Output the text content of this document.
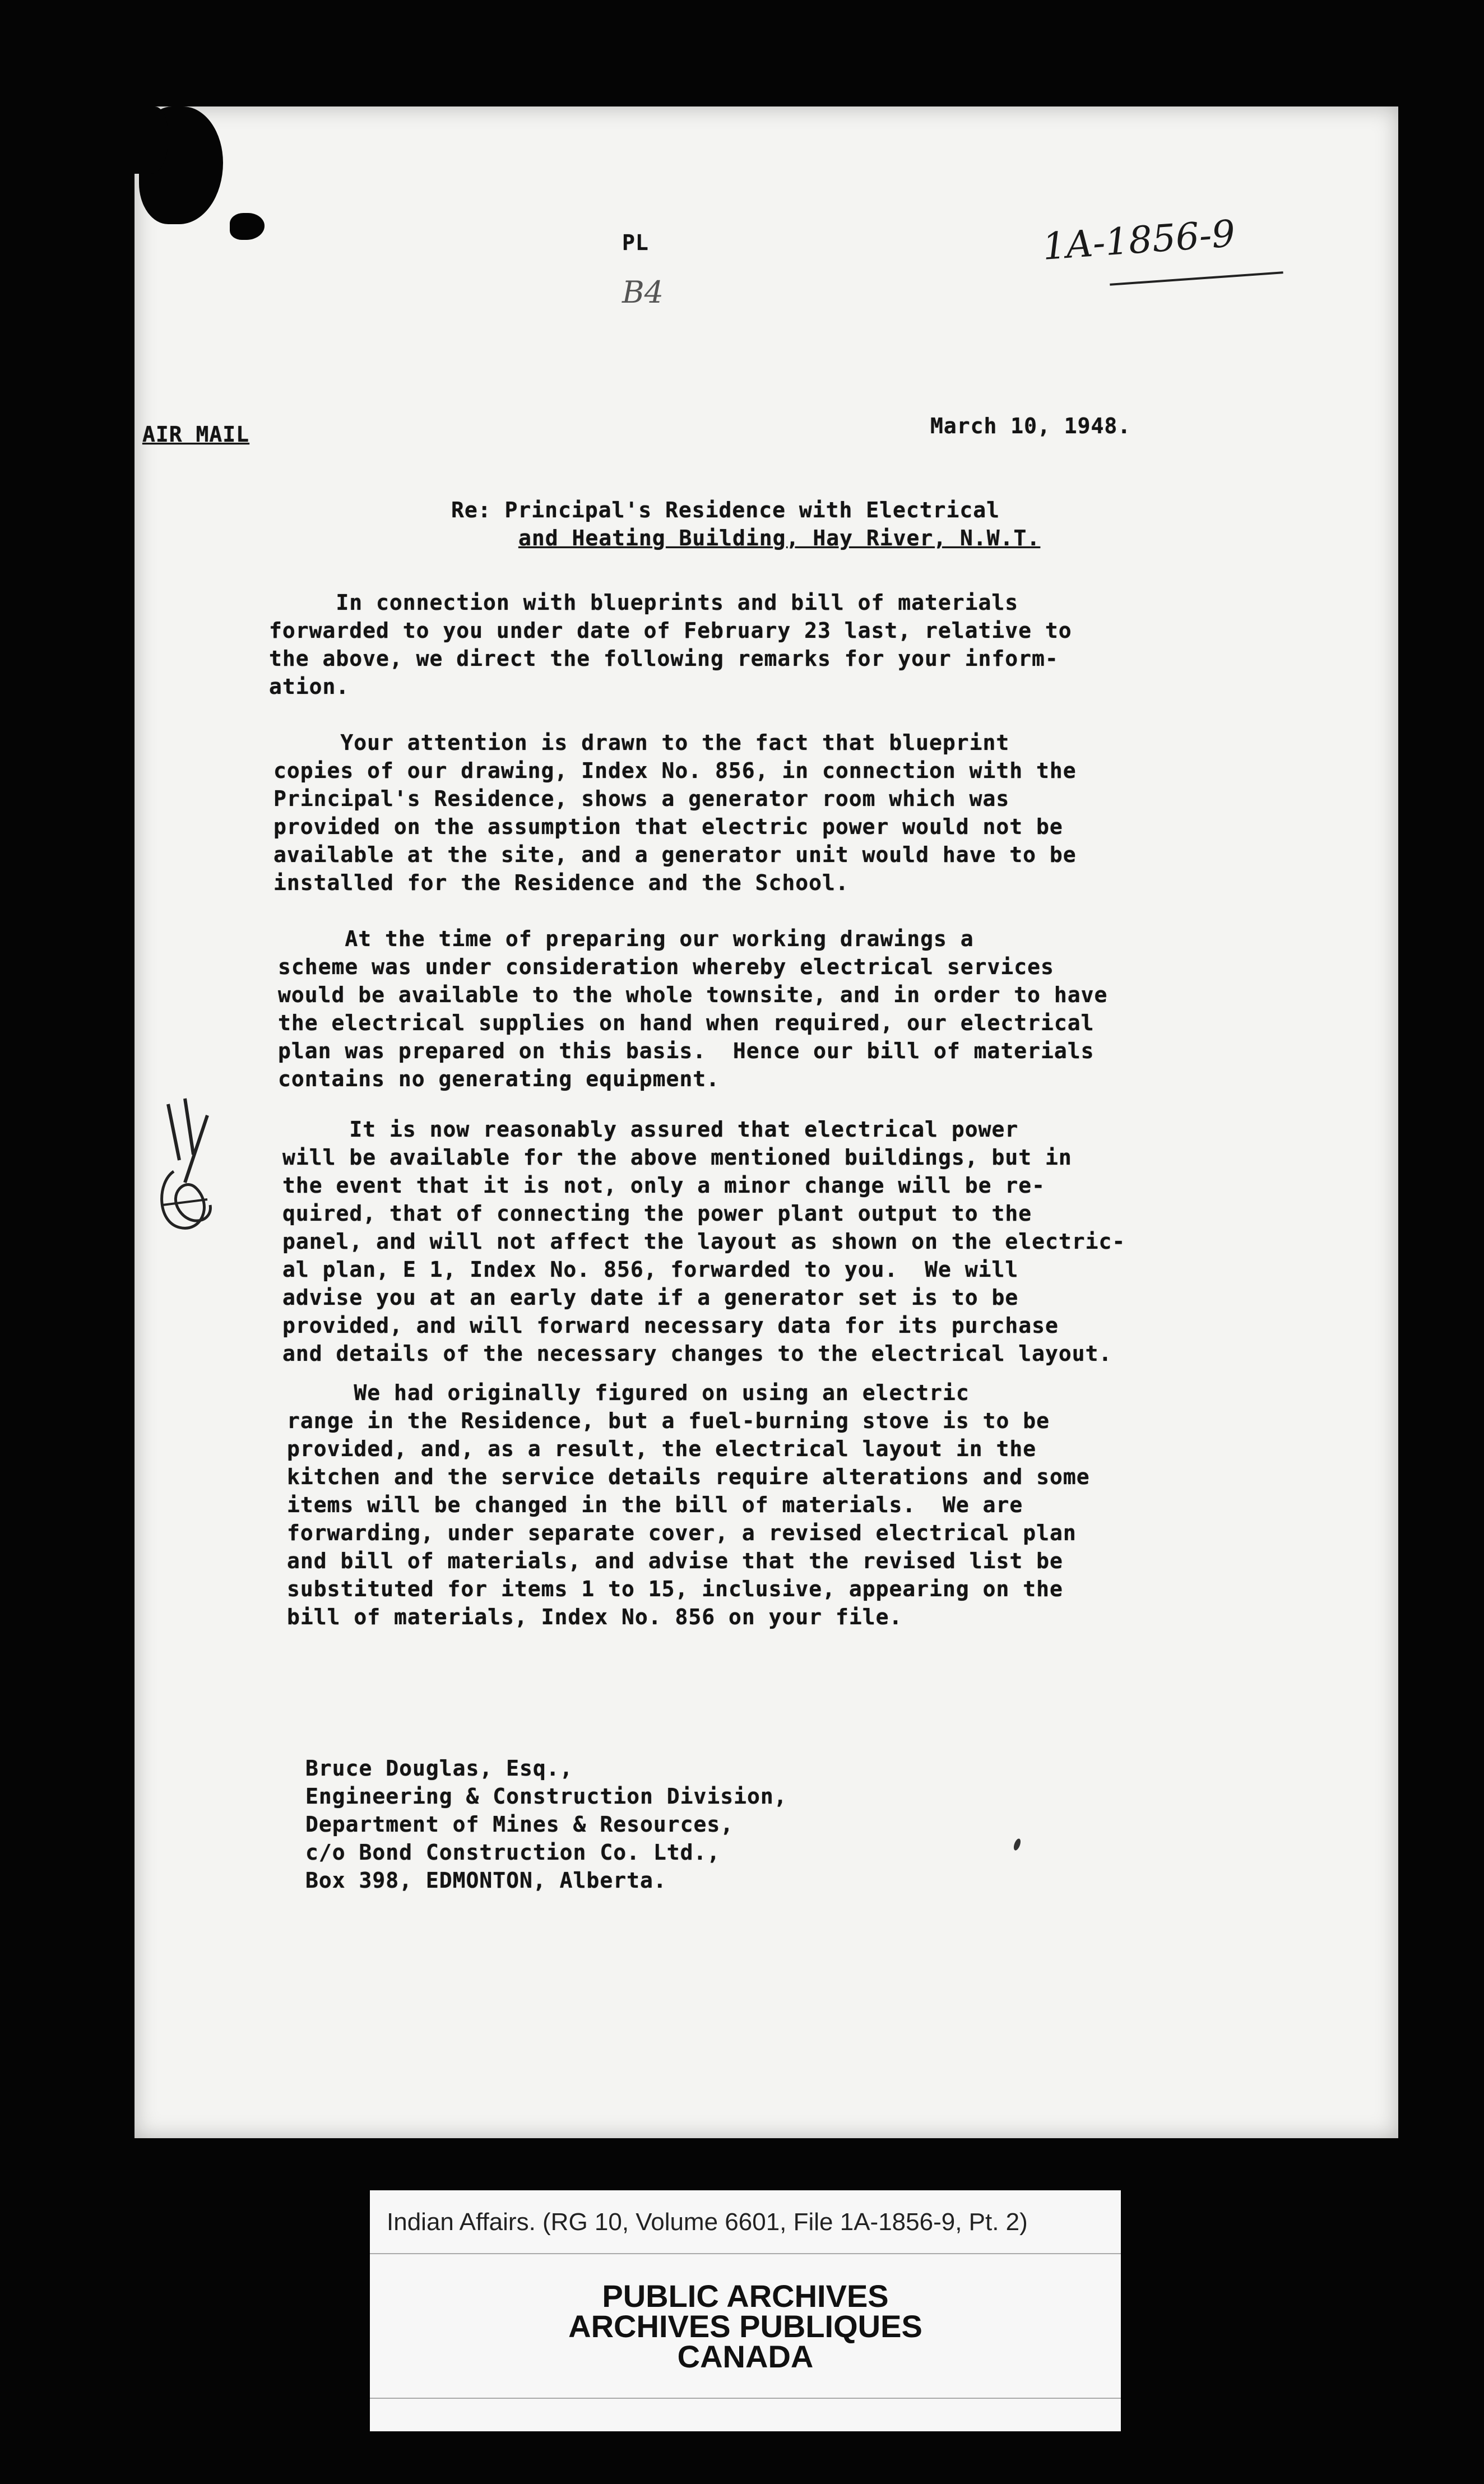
PL	1A-1856-9
B4
AIR MAIL	March 10, 1948.
Re: Principal's Residence with Electrical
and Heating Building, Hay River, N.W.T.
In connection with blueprints and bill of materials
forwarded to you under date of February 23 last, relative to
the above, we direct the following remarks for your inform-
ation.
Your attention is drawn to the fact that blueprint
copies of our drawing, Index No. 856, in connection with the
Principal's Residence, shows a generator room which was
provided on the assumption that electric power would not be
available at the site, and a generator unit would have to be
installed for the Residence and the School.
At the time of preparing our working drawings a
scheme was under consideration whereby electrical services
would be available to the whole townsite, and in order to have
the electrical supplies on hand when required, our electrical
plan was prepared on this basis.  Hence our bill of materials
contains no generating equipment.
It is now reasonably assured that electrical power
will be available for the above mentioned buildings, but in
the event that it is not, only a minor change will be re-
quired, that of connecting the power plant output to the
panel, and will not affect the layout as shown on the electric-
al plan, E 1, Index No. 856, forwarded to you.  We will
advise you at an early date if a generator set is to be
provided, and will forward necessary data for its purchase
and details of the necessary changes to the electrical layout.
We had originally figured on using an electric
range in the Residence, but a fuel-burning stove is to be
provided, and, as a result, the electrical layout in the
kitchen and the service details require alterations and some
items will be changed in the bill of materials.  We are
forwarding, under separate cover, a revised electrical plan
and bill of materials, and advise that the revised list be
substituted for items 1 to 15, inclusive, appearing on the
bill of materials, Index No. 856 on your file.
Bruce Douglas, Esq.,
Engineering & Construction Division,
Department of Mines & Resources,
c/o Bond Construction Co. Ltd.,
Box 398, EDMONTON, Alberta.
Indian Affairs. (RG 10, Volume 6601, File 1A-1856-9, Pt. 2)
PUBLIC ARCHIVES
ARCHIVES PUBLIQUES
CANADA
